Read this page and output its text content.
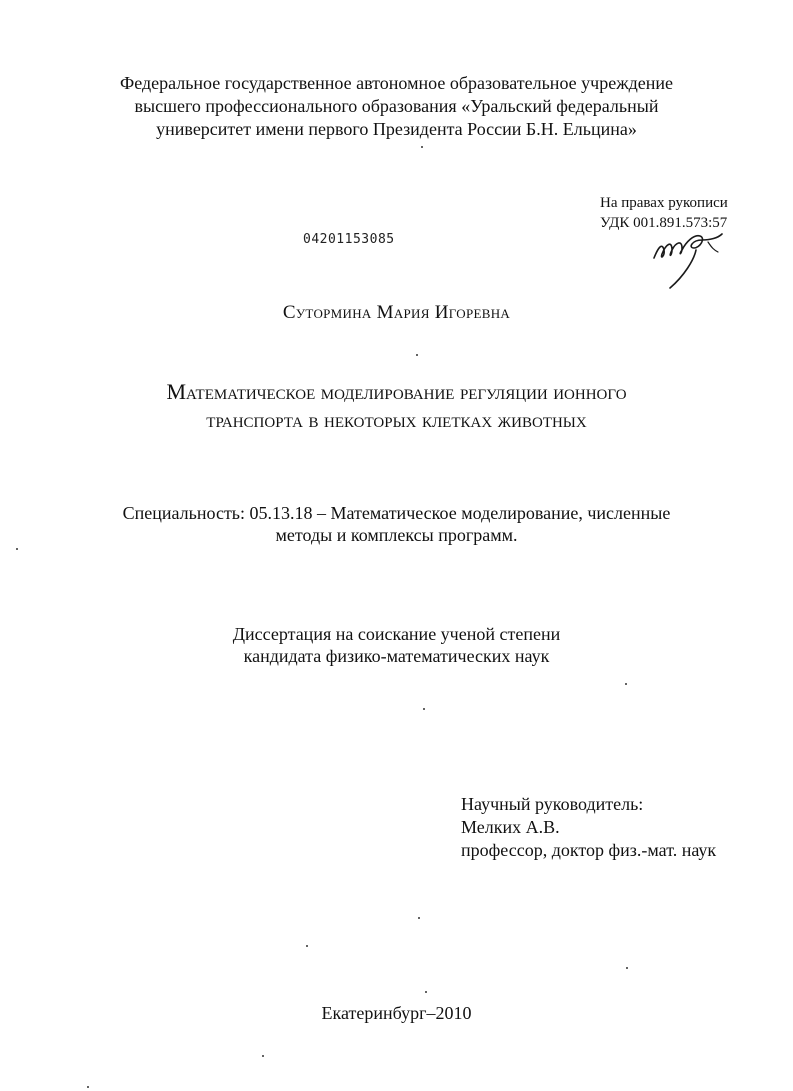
Федеральное государственное автономное образовательное учреждение
высшего профессионального образования «Уральский федеральный
университет имени первого Президента России Б.Н. Ельцина»
На правах рукописи
УДК 001.891.573:57
04201153085
Сутормина Мария Игоревна
Математическое моделирование регуляции ионного
транспорта в некоторых клетках животных
Специальность: 05.13.18 – Математическое моделирование, численные
методы и комплексы программ.
Диссертация на соискание ученой степени
кандидата физико-математических наук
Научный руководитель:
Мелких А.В.
профессор, доктор физ.-мат. наук
Екатеринбург–2010
